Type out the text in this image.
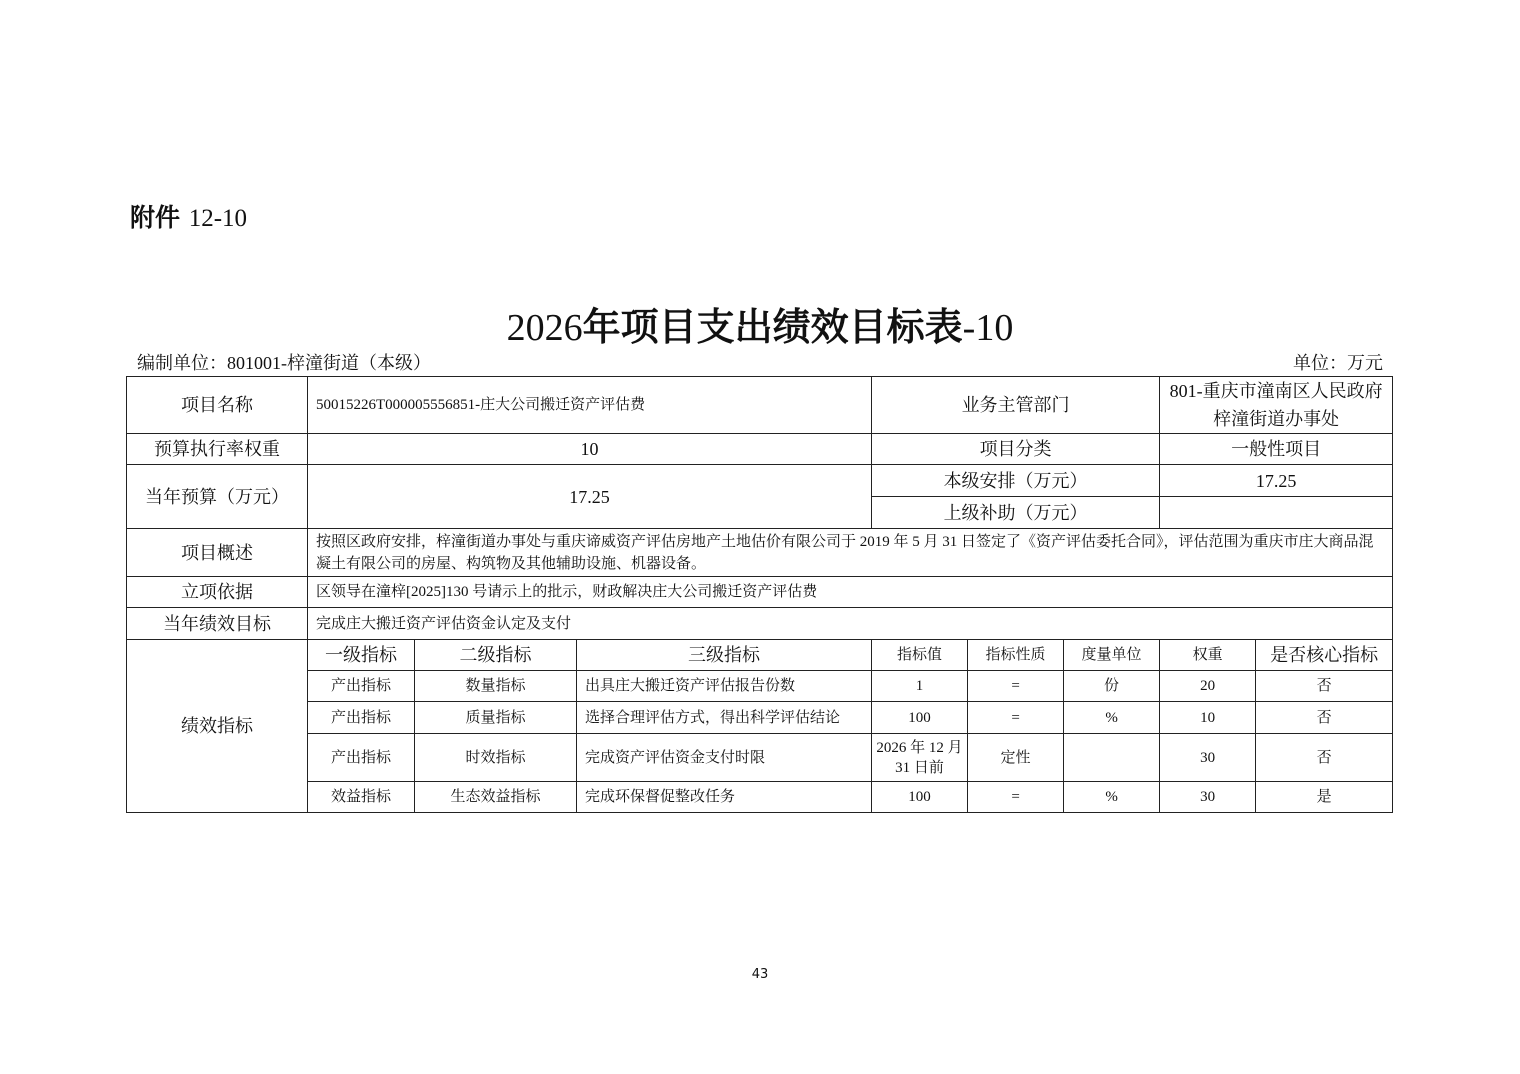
附件 12-10
2026年项目支出绩效目标表-10
编制单位：801001-梓潼街道（本级）	单位：万元
项目名称	50015226T000005556851-庄大公司搬迁资产评估费			业务主管部门			801-重庆市潼南区人民政府梓潼街道办事处	
预算执行率权重	10			项目分类			一般性项目	
当年预算（万元）	17.25			本级安排（万元）			17.25	
				上级补助（万元）				
项目概述	按照区政府安排，梓潼街道办事处与重庆谛威资产评估房地产土地估价有限公司于 2019 年 5 月 31 日签定了《资产评估委托合同》，评估范围为重庆市庄大商品混凝土有限公司的房屋、构筑物及其他辅助设施、机器设备。							
立项依据	区领导在潼梓[2025]130 号请示上的批示，财政解决庄大公司搬迁资产评估费							
当年绩效目标	完成庄大搬迁资产评估资金认定及支付							
绩效指标	一级指标	二级指标	三级指标	指标值	指标性质	度量单位	权重	是否核心指标
	产出指标	数量指标	出具庄大搬迁资产评估报告份数	1	=	份	20	否
	产出指标	质量指标	选择合理评估方式，得出科学评估结论	100	=	%	10	否
	产出指标	时效指标	完成资产评估资金支付时限	2026 年 12 月 31 日前	定性		30	否
	效益指标	生态效益指标	完成环保督促整改任务	100	=	%	30	是
43
